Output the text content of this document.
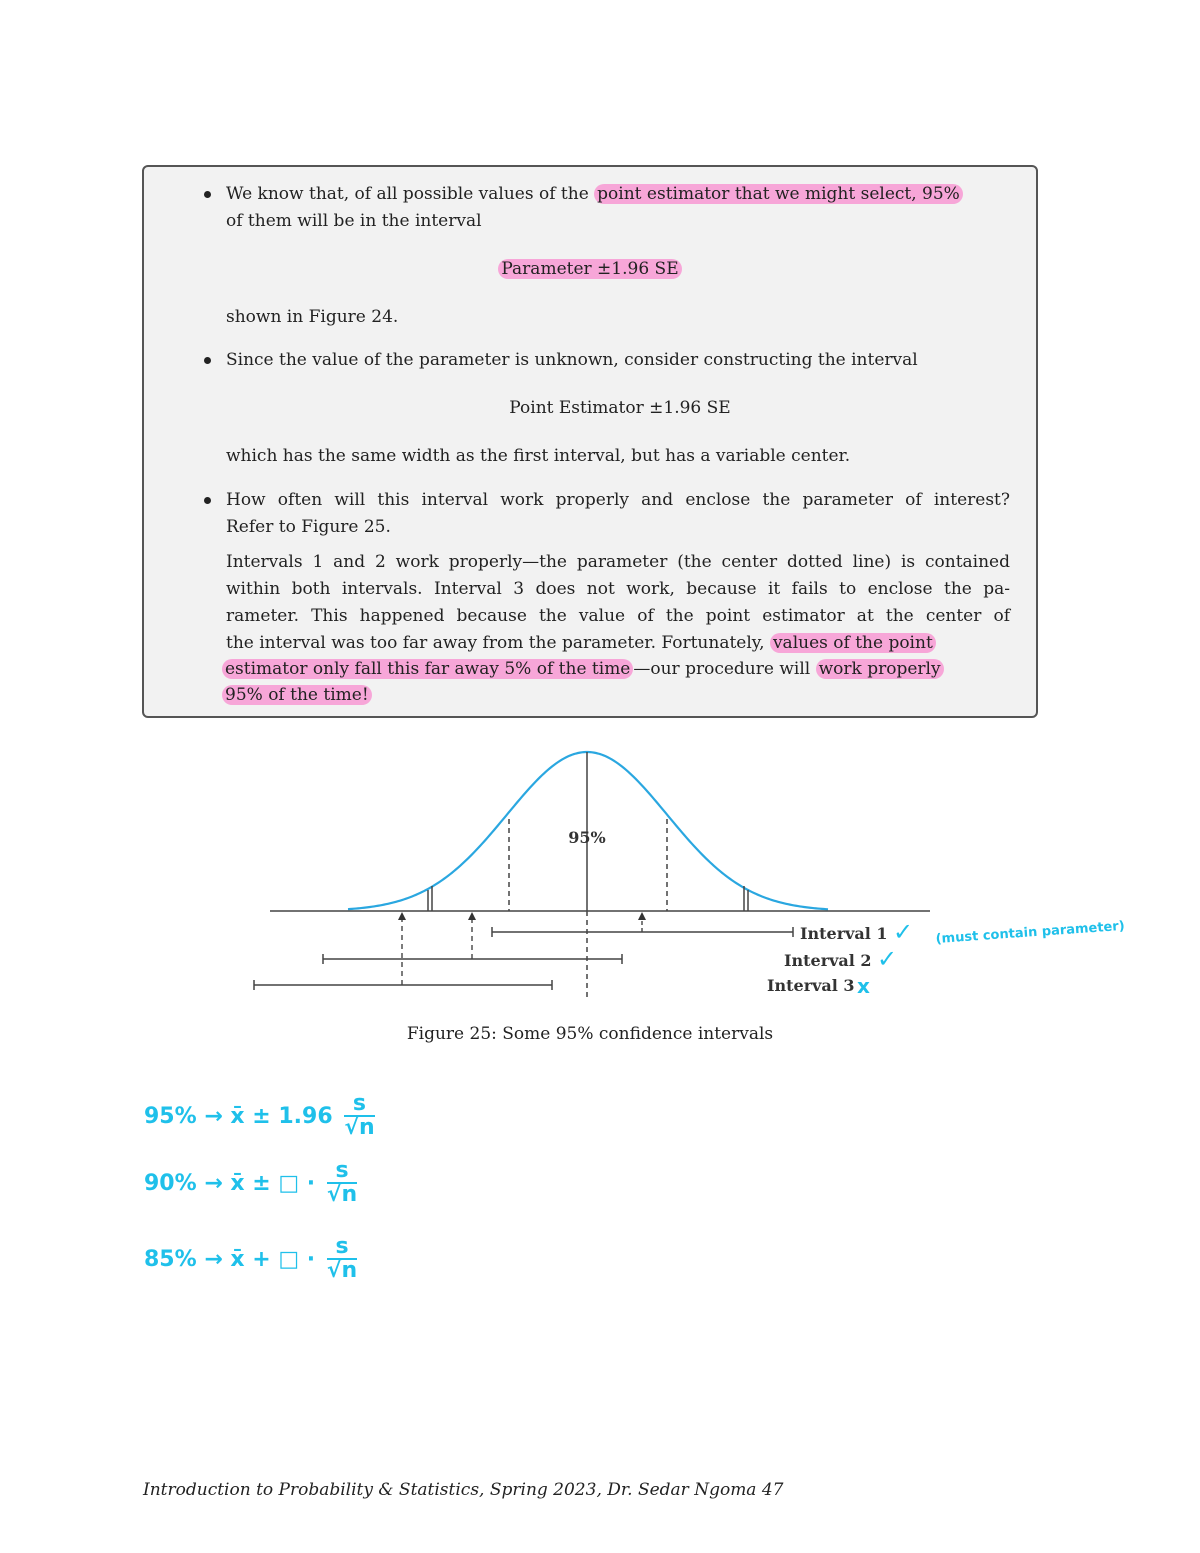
We know that, of all possible values of the point estimator that we might select, 95%
of them will be in the interval
Parameter ±1.96 SE
shown in Figure 24.
Since the value of the parameter is unknown, consider constructing the interval
Point Estimator ±1.96 SE
which has the same width as the first interval, but has a variable center.
How often will this interval work properly and enclose the parameter of interest?
Refer to Figure 25.
Intervals 1 and 2 work properly—the parameter (the center dotted line) is contained
within both intervals. Interval 3 does not work, because it fails to enclose the pa-
rameter. This happened because the value of the point estimator at the center of
the interval was too far away from the parameter. Fortunately, values of the point
estimator only fall this far away 5% of the time —our procedure will work properly
95% of the time!
95%
Interval 1
Interval 2
Interval 3
✓
✓
x
(must contain parameter)
Figure 25: Some 95% confidence intervals
95% → x̄ ± $1.96 \frac{s}{√n}$
90% → x̄ ± □ · $\frac{s}{√n}$
85% → x̄ + □ · $\frac{s}{√n}$
Introduction to Probability & Statistics, Spring 2023, Dr. Sedar Ngoma 47
